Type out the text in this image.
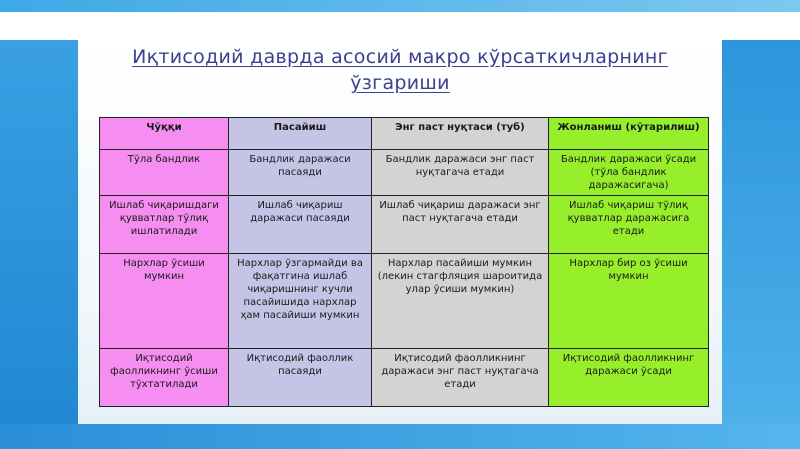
Иқтисодий даврда асосий макро кўрсаткичларнинг ўзгариши
Чўққи	Пасайиш	Энг паст нуқтаси (туб)	Жонланиш (кўтарилиш)
Тўла бандлик	Бандлик даражаси пасаяди	Бандлик даражаси энг паст нуқтагача етади	Бандлик даражаси ўсади (тўла бандлик даражасигача)
Ишлаб чиқаришдаги қувватлар тўлиқ ишлатилади	Ишлаб чиқариш даражаси пасаяди	Ишлаб чиқариш даражаси энг паст нуқтагача етади	Ишлаб чиқариш тўлиқ қувватлар даражасига етади
Нархлар ўсиши мумкин	Нархлар ўзгармайди ва фақатгина ишлаб чиқаришнинг кучли пасайишида нархлар ҳам пасайиши мумкин	Нархлар пасайиши мумкин (лекин стагфляция шароитида улар ўсиши мумкин)	Нархлар бир оз ўсиши мумкин
Иқтисодий фаолликнинг ўсиши тўхтатилади	Иқтисодий фаоллик пасаяди	Иқтисодий фаолликнинг даражаси энг паст нуқтагача етади	Иқтисодий фаолликнинг даражаси ўсади
